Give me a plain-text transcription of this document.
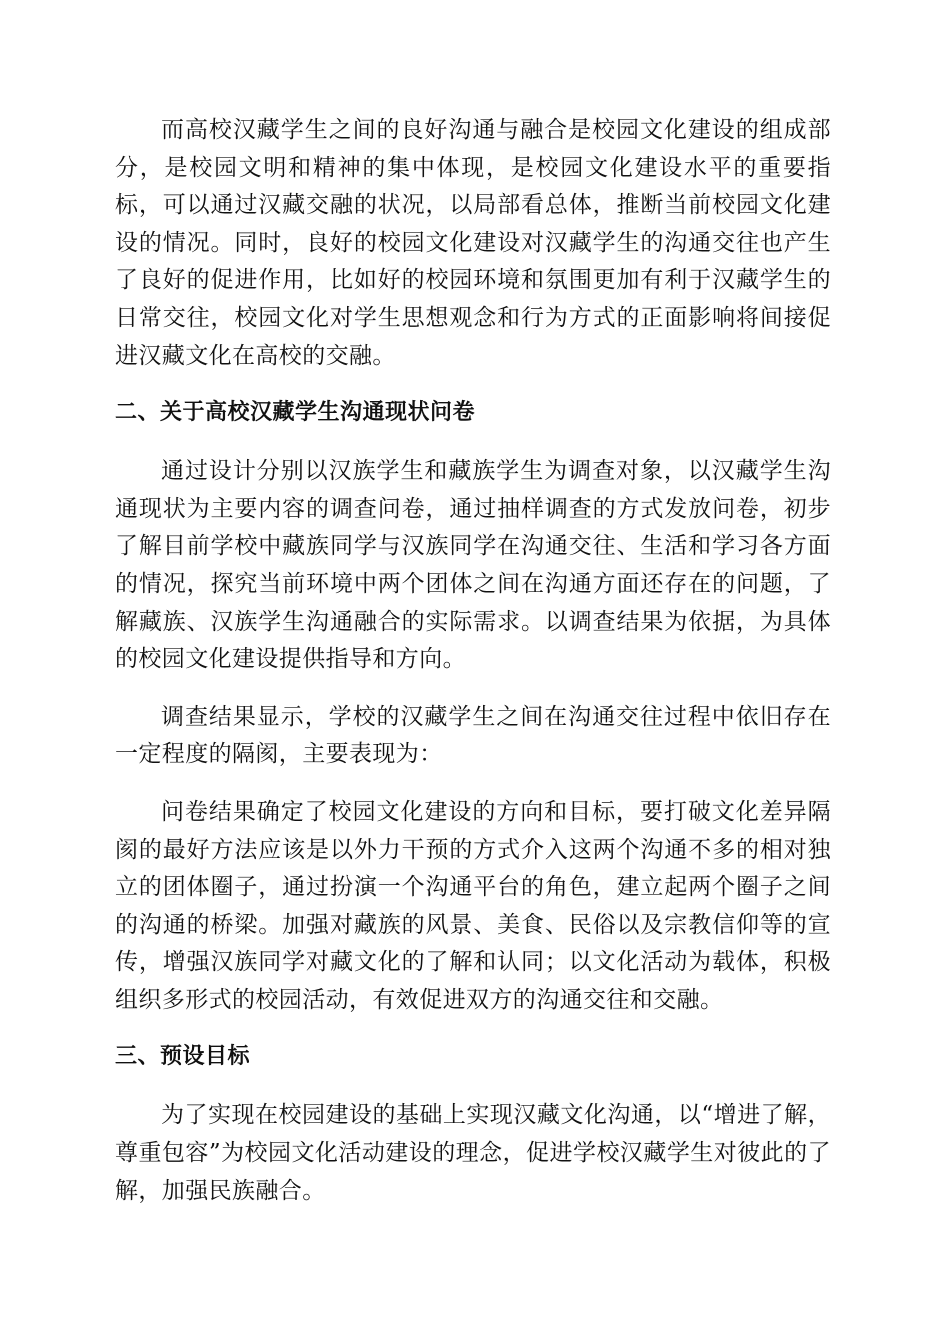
而高校汉藏学生之间的良好沟通与融合是校园文化建设的组成部分，是校园文明和精神的集中体现，是校园文化建设水平的重要指标，可以通过汉藏交融的状况，以局部看总体，推断当前校园文化建设的情况。同时，良好的校园文化建设对汉藏学生的沟通交往也产生了良好的促进作用，比如好的校园环境和氛围更加有利于汉藏学生的日常交往，校园文化对学生思想观念和行为方式的正面影响将间接促进汉藏文化在高校的交融。

二、关于高校汉藏学生沟通现状问卷

通过设计分别以汉族学生和藏族学生为调查对象，以汉藏学生沟通现状为主要内容的调查问卷，通过抽样调查的方式发放问卷，初步了解目前学校中藏族同学与汉族同学在沟通交往、生活和学习各方面的情况，探究当前环境中两个团体之间在沟通方面还存在的问题，了解藏族、汉族学生沟通融合的实际需求。以调查结果为依据，为具体的校园文化建设提供指导和方向。

调查结果显示，学校的汉藏学生之间在沟通交往过程中依旧存在一定程度的隔阂，主要表现为：

问卷结果确定了校园文化建设的方向和目标，要打破文化差异隔阂的最好方法应该是以外力干预的方式介入这两个沟通不多的相对独立的团体圈子，通过扮演一个沟通平台的角色，建立起两个圈子之间的沟通的桥梁。加强对藏族的风景、美食、民俗以及宗教信仰等的宣传，增强汉族同学对藏文化的了解和认同；以文化活动为载体，积极组织多形式的校园活动，有效促进双方的沟通交往和交融。

三、预设目标

为了实现在校园建设的基础上实现汉藏文化沟通，以“增进了解，尊重包容”为校园文化活动建设的理念，促进学校汉藏学生对彼此的了解，加强民族融合。
